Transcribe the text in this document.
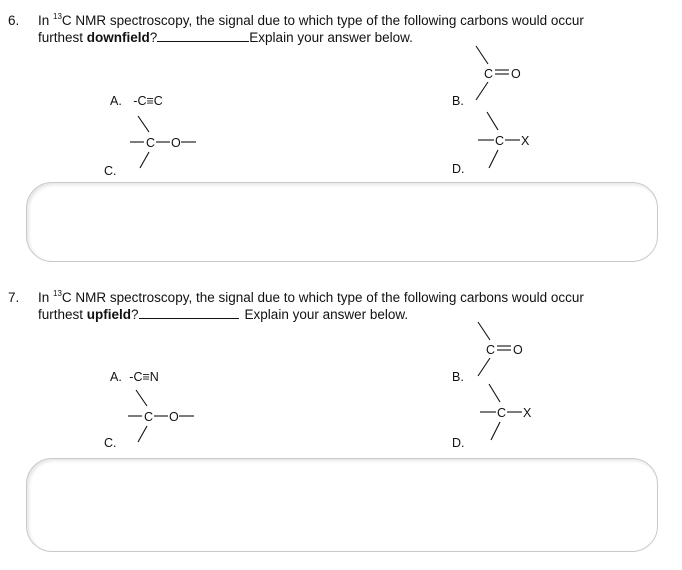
6. In $^{13}$C NMR spectroscopy, the signal due to which type of the following carbons would occur
furthest downfield?	Explain your answer below.
A. -C≡C
C.
C O
B.
C O
D.
C X
7. In $^{13}$C NMR spectroscopy, the signal due to which type of the following carbons would occur
furthest upfield?	Explain your answer below.
A. -C≡N
C.
C O
B.
C O
D.
C X
